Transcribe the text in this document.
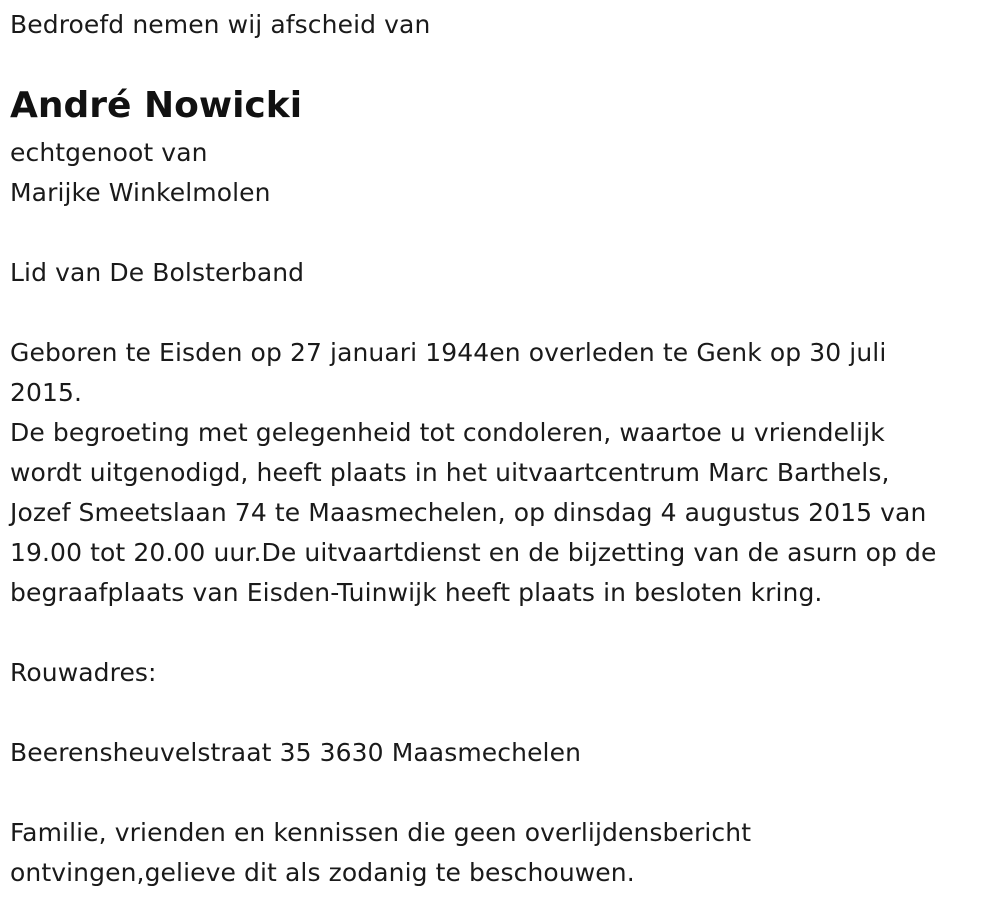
Bedroefd nemen wij afscheid van
André Nowicki
echtgenoot van
Marijke Winkelmolen
Lid van De Bolsterband
Geboren te Eisden op 27 januari 1944en overleden te Genk op 30 juli
2015.
De begroeting met gelegenheid tot condoleren, waartoe u vriendelijk
wordt uitgenodigd, heeft plaats in het uitvaartcentrum Marc Barthels,
Jozef Smeetslaan 74 te Maasmechelen, op dinsdag 4 augustus 2015 van
19.00 tot 20.00 uur.De uitvaartdienst en de bijzetting van de asurn op de
begraafplaats van Eisden-Tuinwijk heeft plaats in besloten kring.
Rouwadres:
Beerensheuvelstraat 35 3630 Maasmechelen
Familie, vrienden en kennissen die geen overlijdensbericht
ontvingen,gelieve dit als zodanig te beschouwen.
